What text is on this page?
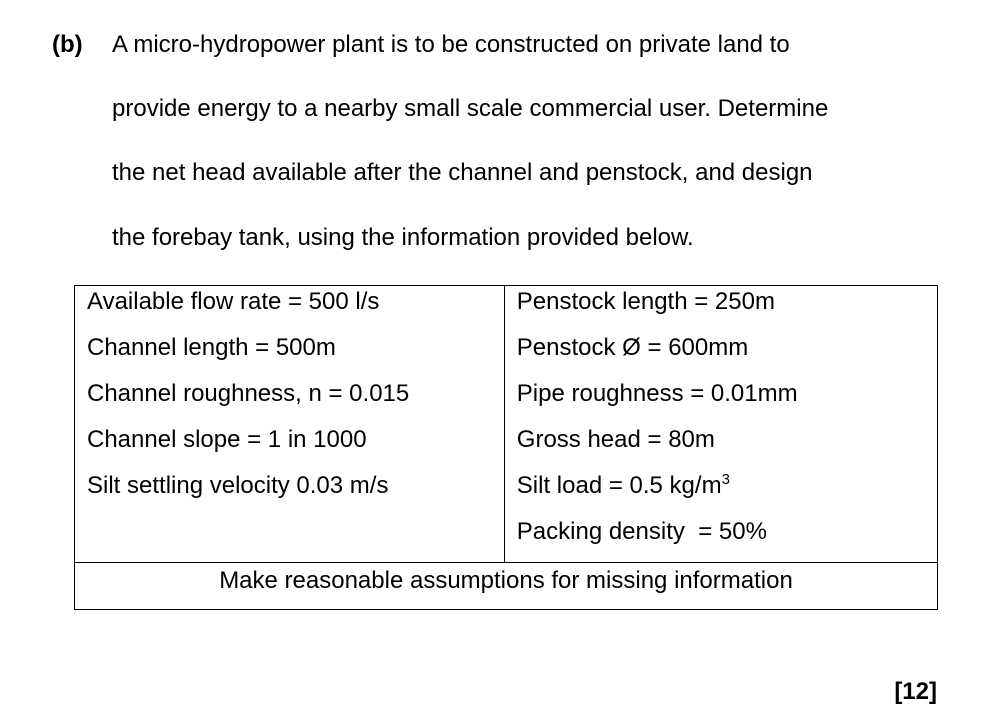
(b) A micro-hydropower plant is to be constructed on private land to
provide energy to a nearby small scale commercial user. Determine
the net head available after the channel and penstock, and design
the forebay tank, using the information provided below.
Available flow rate = 500 l/s
Channel length = 500m
Channel roughness, n = 0.015
Channel slope = 1 in 1000
Silt settling velocity 0.03 m/s

Penstock length = 250m
Penstock Ø = 600mm
Pipe roughness = 0.01mm
Gross head = 80m
Silt load = 0.5 $kg/m^3$
Packing density  = 50%

Make reasonable assumptions for missing information
[12]
